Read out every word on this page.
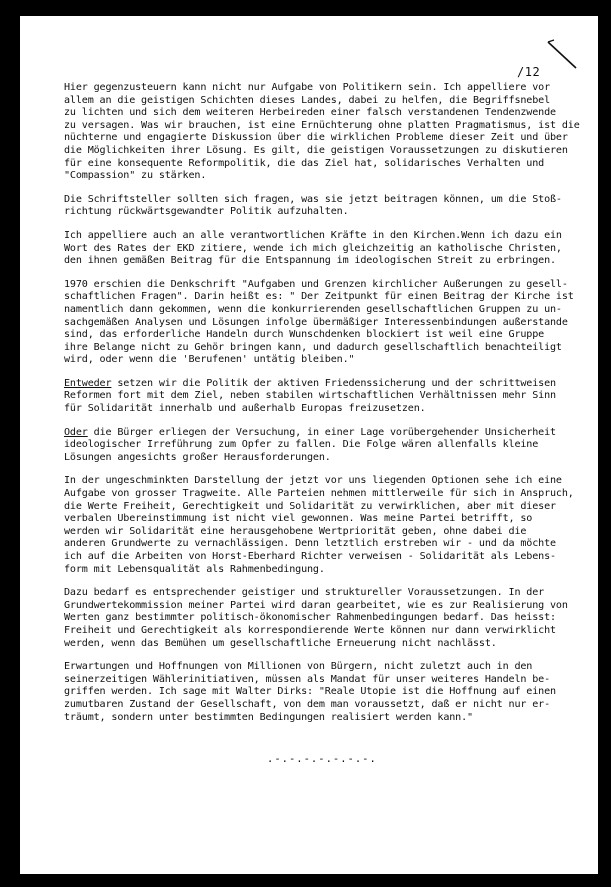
/12
Hier gegenzusteuern kann nicht nur Aufgabe von Politikern sein. Ich appelliere vor
allem an die geistigen Schichten dieses Landes, dabei zu helfen, die Begriffsnebel
zu lichten und sich dem weiteren Herbeireden einer falsch verstandenen Tendenzwende
zu versagen. Was wir brauchen, ist eine Ernüchterung ohne platten Pragmatismus, ist die
nüchterne und engagierte Diskussion über die wirklichen Probleme dieser Zeit und über
die Möglichkeiten ihrer Lösung. Es gilt, die geistigen Voraussetzungen zu diskutieren
für eine konsequente Reformpolitik, die das Ziel hat, solidarisches Verhalten und
"Compassion" zu stärken.
Die Schriftsteller sollten sich fragen, was sie jetzt beitragen können, um die Stoß-
richtung rückwärtsgewandter Politik aufzuhalten.
Ich appelliere auch an alle verantwortlichen Kräfte in den Kirchen.Wenn ich dazu ein
Wort des Rates der EKD zitiere, wende ich mich gleichzeitig an katholische Christen,
den ihnen gemäßen Beitrag für die Entspannung im ideologischen Streit zu erbringen.
1970 erschien die Denkschrift "Aufgaben und Grenzen kirchlicher Äußerungen zu gesell-
schaftlichen Fragen". Darin heißt es: " Der Zeitpunkt für einen Beitrag der Kirche ist
namentlich dann gekommen, wenn die konkurrierenden gesellschaftlichen Gruppen zu un-
sachgemäßen Analysen und Lösungen infolge übermäßiger Interessenbindungen außerstande
sind, das erforderliche Handeln durch Wunschdenken blockiert ist weil eine Gruppe
ihre Belange nicht zu Gehör bringen kann, und dadurch gesellschaftlich benachteiligt
wird, oder wenn die 'Berufenen' untätig bleiben."
Entweder setzen wir die Politik der aktiven Friedenssicherung und der schrittweisen
Reformen fort mit dem Ziel, neben stabilen wirtschaftlichen Verhältnissen mehr Sinn
für Solidarität innerhalb und außerhalb Europas freizusetzen.
Oder die Bürger erliegen der Versuchung, in einer Lage vorübergehender Unsicherheit
ideologischer Irreführung zum Opfer zu fallen. Die Folge wären allenfalls kleine
Lösungen angesichts großer Herausforderungen.
In der ungeschminkten Darstellung der jetzt vor uns liegenden Optionen sehe ich eine
Aufgabe von grosser Tragweite. Alle Parteien nehmen mittlerweile für sich in Anspruch,
die Werte Freiheit, Gerechtigkeit und Solidarität zu verwirklichen, aber mit dieser
verbalen Übereinstimmung ist nicht viel gewonnen. Was meine Partei betrifft, so
werden wir Solidarität eine herausgehobene Wertpriorität geben, ohne dabei die
anderen Grundwerte zu vernachlässigen. Denn letztlich erstreben wir - und da möchte
ich auf die Arbeiten von Horst-Eberhard Richter verweisen - Solidarität als Lebens-
form mit Lebensqualität als Rahmenbedingung.
Dazu bedarf es entsprechender geistiger und struktureller Voraussetzungen. In der
Grundwertekommission meiner Partei wird daran gearbeitet, wie es zur Realisierung von
Werten ganz bestimmter politisch-ökonomischer Rahmenbedingungen bedarf. Das heisst:
Freiheit und Gerechtigkeit als korrespondierende Werte können nur dann verwirklicht
werden, wenn das Bemühen um gesellschaftliche Erneuerung nicht nachlässt.
Erwartungen und Hoffnungen von Millionen von Bürgern, nicht zuletzt auch in den
seinerzeitigen Wählerinitiativen, müssen als Mandat für unser weiteres Handeln be-
griffen werden. Ich sage mit Walter Dirks: "Reale Utopie ist die Hoffnung auf einen
zumutbaren Zustand der Gesellschaft, von dem man voraussetzt, daß er nicht nur er-
träumt, sondern unter bestimmten Bedingungen realisiert werden kann."
.-.-.-.-.-.-.-.
